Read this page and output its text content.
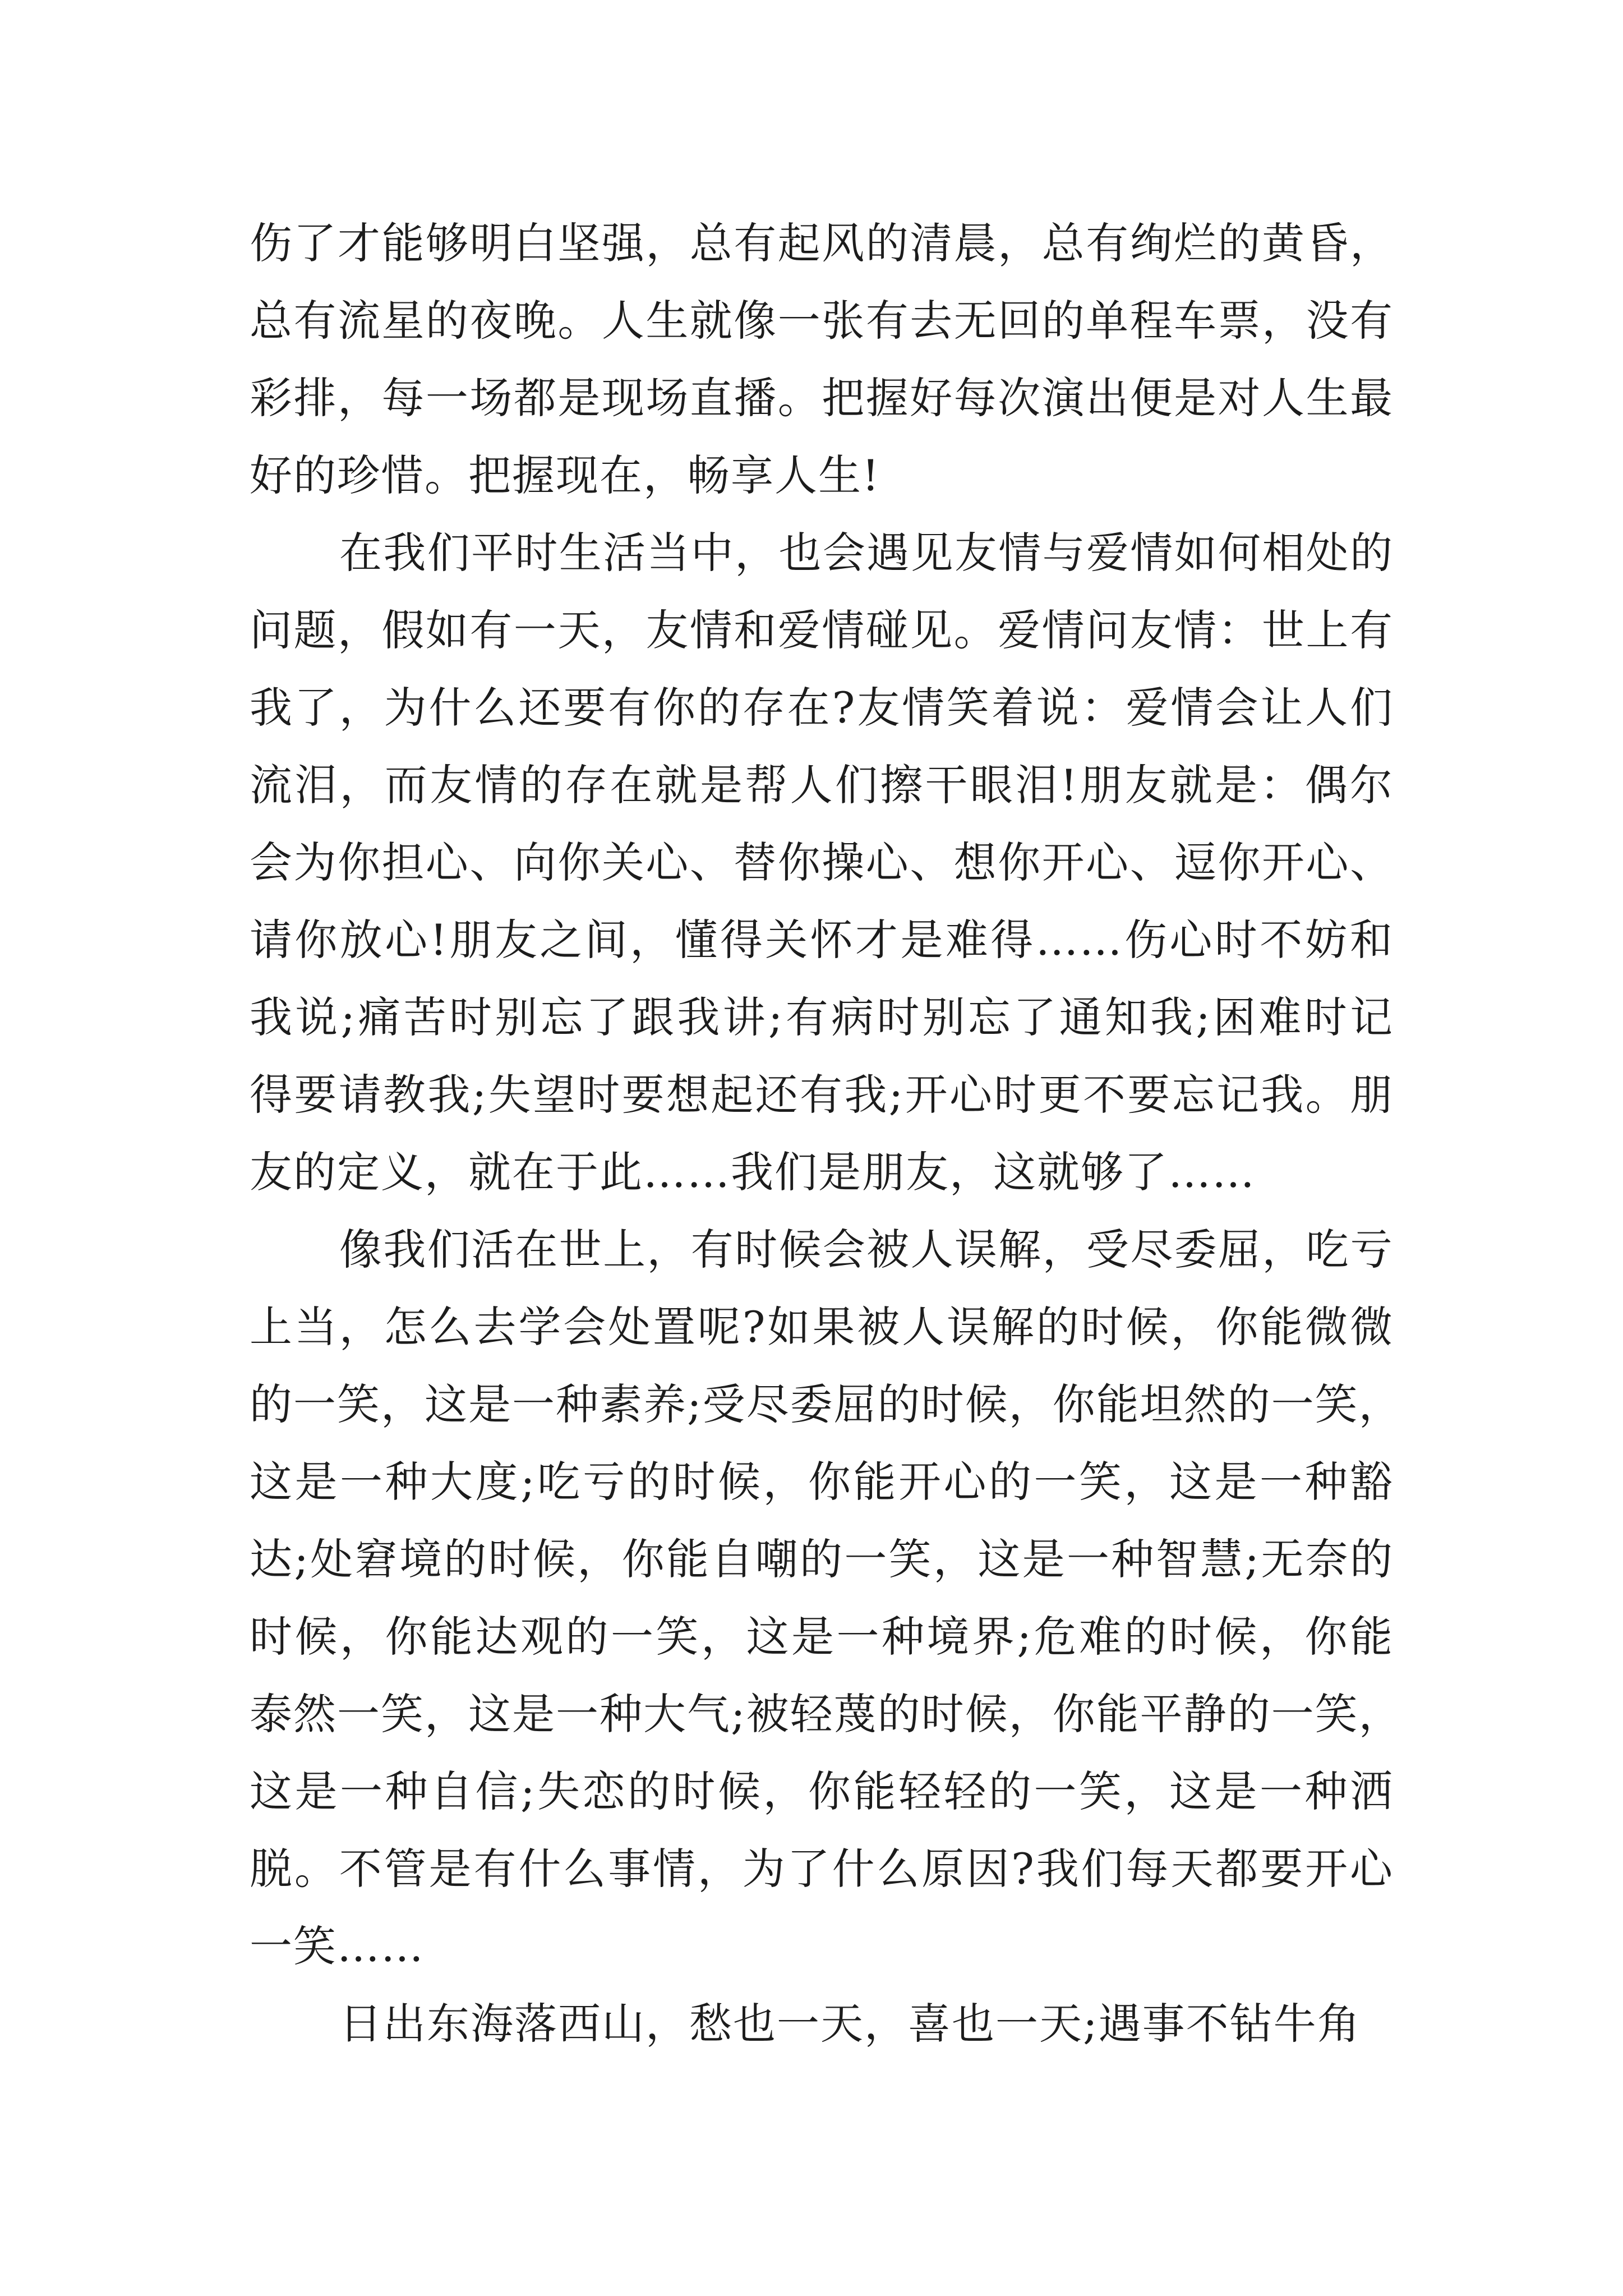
伤了才能够明白坚强，总有起风的清晨，总有绚烂的黄昏，
总有流星的夜晚。人生就像一张有去无回的单程车票，没有
彩排，每一场都是现场直播。把握好每次演出便是对人生最
好的珍惜。把握现在，畅享人生!
在我们平时生活当中，也会遇见友情与爱情如何相处的
问题，假如有一天，友情和爱情碰见。爱情问友情：世上有
我了，为什么还要有你的存在?友情笑着说：爱情会让人们
流泪，而友情的存在就是帮人们擦干眼泪!朋友就是：偶尔
会为你担心、向你关心、替你操心、想你开心、逗你开心、
请你放心!朋友之间，懂得关怀才是难得……伤心时不妨和
我说;痛苦时别忘了跟我讲;有病时别忘了通知我;困难时记
得要请教我;失望时要想起还有我;开心时更不要忘记我。朋
友的定义，就在于此……我们是朋友，这就够了……
像我们活在世上，有时候会被人误解，受尽委屈，吃亏
上当，怎么去学会处置呢?如果被人误解的时候，你能微微
的一笑，这是一种素养;受尽委屈的时候，你能坦然的一笑，
这是一种大度;吃亏的时候，你能开心的一笑，这是一种豁
达;处窘境的时候，你能自嘲的一笑，这是一种智慧;无奈的
时候，你能达观的一笑，这是一种境界;危难的时候，你能
泰然一笑，这是一种大气;被轻蔑的时候，你能平静的一笑，
这是一种自信;失恋的时候，你能轻轻的一笑，这是一种洒
脱。不管是有什么事情，为了什么原因?我们每天都要开心
一笑……
日出东海落西山，愁也一天，喜也一天;遇事不钻牛角
